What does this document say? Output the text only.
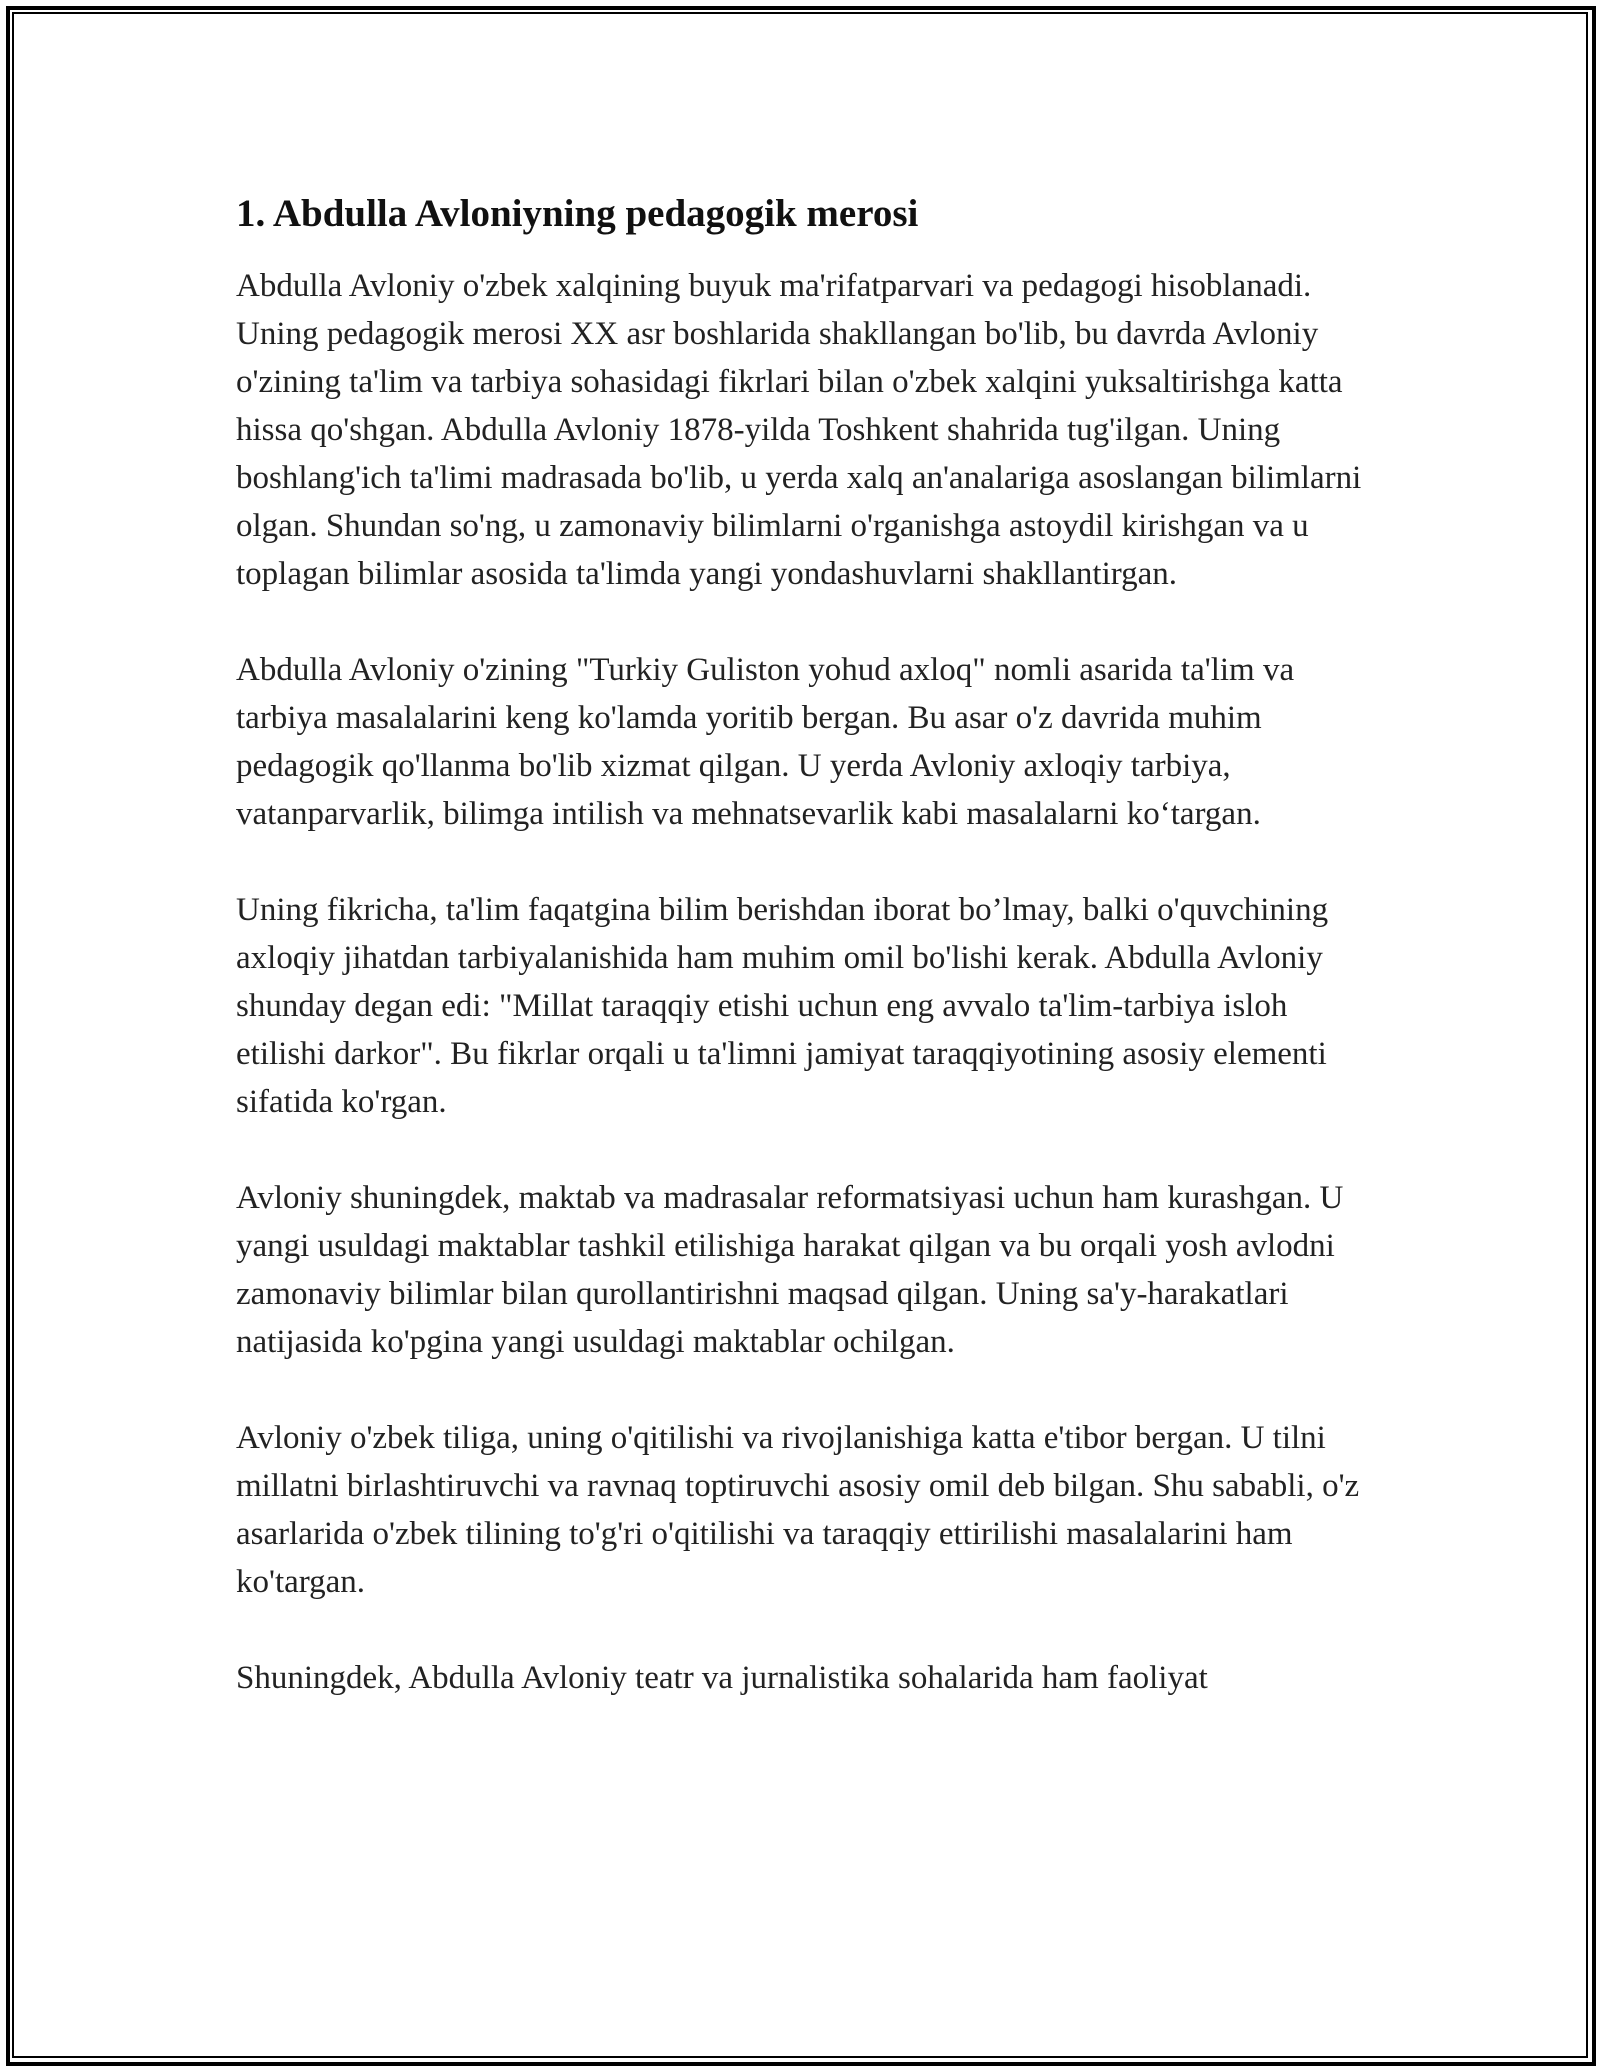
1. Abdulla Avloniyning pedagogik merosi

Abdulla Avloniy o'zbek xalqining buyuk ma'rifatparvari va pedagogi hisoblanadi. Uning pedagogik merosi XX asr boshlarida shakllangan bo'lib, bu davrda Avloniy o'zining ta'lim va tarbiya sohasidagi fikrlari bilan o'zbek xalqini yuksaltirishga katta hissa qo'shgan. Abdulla Avloniy 1878-yilda Toshkent shahrida tug'ilgan. Uning boshlang'ich ta'limi madrasada bo'lib, u yerda xalq an'analariga asoslangan bilimlarni olgan. Shundan so'ng, u zamonaviy bilimlarni o'rganishga astoydil kirishgan va u toplagan bilimlar asosida ta'limda yangi yondashuvlarni shakllantirgan.

Abdulla Avloniy o'zining "Turkiy Guliston yohud axloq" nomli asarida ta'lim va tarbiya masalalarini keng ko'lamda yoritib bergan. Bu asar o'z davrida muhim pedagogik qo'llanma bo'lib xizmat qilgan. U yerda Avloniy axloqiy tarbiya, vatanparvarlik, bilimga intilish va mehnatsevarlik kabi masalalarni ko‘targan.

Uning fikricha, ta'lim faqatgina bilim berishdan iborat bo’lmay, balki o'quvchining axloqiy jihatdan tarbiyalanishida ham muhim omil bo'lishi kerak. Abdulla Avloniy shunday degan edi: "Millat taraqqiy etishi uchun eng avvalo ta'lim-tarbiya isloh etilishi darkor". Bu fikrlar orqali u ta'limni jamiyat taraqqiyotining asosiy elementi sifatida ko'rgan.

Avloniy shuningdek, maktab va madrasalar reformatsiyasi uchun ham kurashgan. U yangi usuldagi maktablar tashkil etilishiga harakat qilgan va bu orqali yosh avlodni zamonaviy bilimlar bilan qurollantirishni maqsad qilgan. Uning sa'y-harakatlari natijasida ko'pgina yangi usuldagi maktablar ochilgan.

Avloniy o'zbek tiliga, uning o'qitilishi va rivojlanishiga katta e'tibor bergan. U tilni millatni birlashtiruvchi va ravnaq toptiruvchi asosiy omil deb bilgan. Shu sababli, o'z asarlarida o'zbek tilining to'g'ri o'qitilishi va taraqqiy ettirilishi masalalarini ham ko'targan.

Shuningdek, Abdulla Avloniy teatr va jurnalistika sohalarida ham faoliyat
